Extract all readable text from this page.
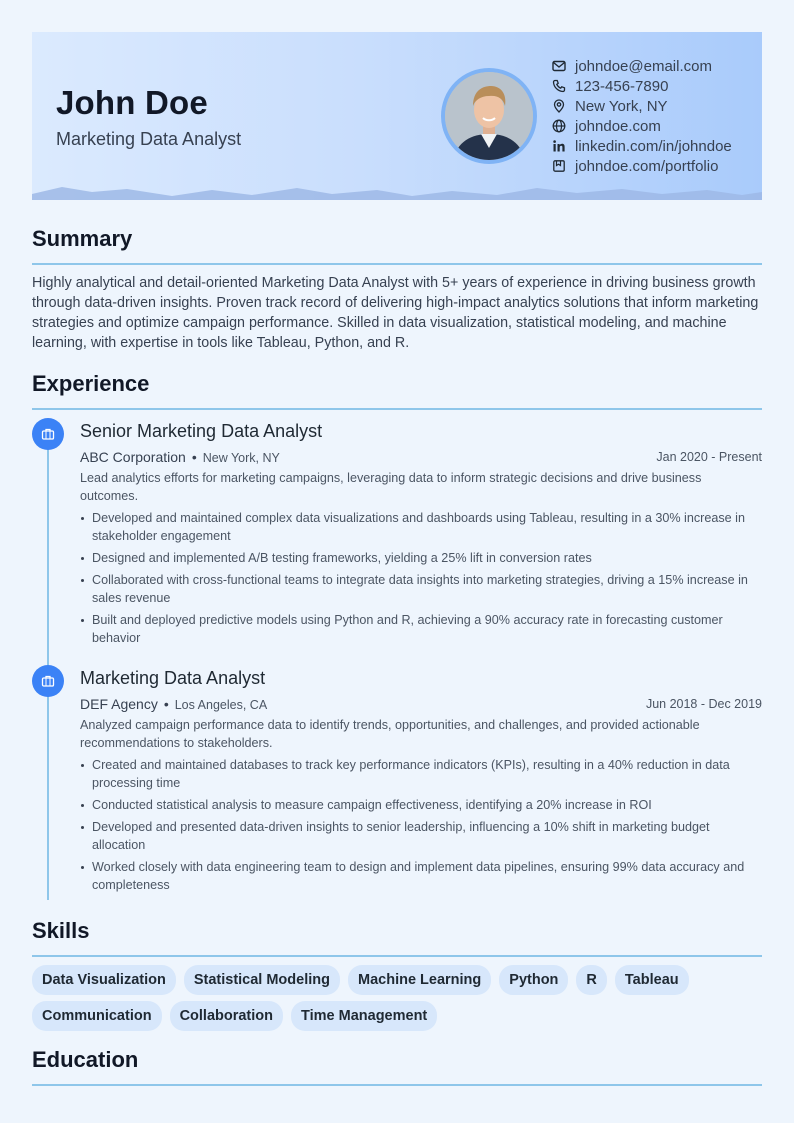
John Doe
Marketing Data Analyst
johndoe@email.com
123-456-7890
New York, NY
johndoe.com
linkedin.com/in/johndoe
johndoe.com/portfolio
Summary

Highly analytical and detail-oriented Marketing Data Analyst with 5+ years of experience in driving business growth through data-driven insights. Proven track record of delivering high-impact analytics solutions that inform marketing strategies and optimize campaign performance. Skilled in data visualization, statistical modeling, and machine learning, with expertise in tools like Tableau, Python, and R.

Experience
Senior Marketing Data Analyst
ABC Corporation • New York, NY	Jan 2020 - Present
Lead analytics efforts for marketing campaigns, leveraging data to inform strategic decisions and drive business outcomes.
Developed and maintained complex data visualizations and dashboards using Tableau, resulting in a 30% increase in stakeholder engagement
Designed and implemented A/B testing frameworks, yielding a 25% lift in conversion rates
Collaborated with cross-functional teams to integrate data insights into marketing strategies, driving a 15% increase in sales revenue
Built and deployed predictive models using Python and R, achieving a 90% accuracy rate in forecasting customer behavior
Marketing Data Analyst
DEF Agency • Los Angeles, CA	Jun 2018 - Dec 2019
Analyzed campaign performance data to identify trends, opportunities, and challenges, and provided actionable recommendations to stakeholders.
Created and maintained databases to track key performance indicators (KPIs), resulting in a 40% reduction in data processing time
Conducted statistical analysis to measure campaign effectiveness, identifying a 20% increase in ROI
Developed and presented data-driven insights to senior leadership, influencing a 10% shift in marketing budget allocation
Worked closely with data engineering team to design and implement data pipelines, ensuring 99% data accuracy and completeness
Skills
Data Visualization	Statistical Modeling	Machine Learning	Python	R	Tableau
Communication	Collaboration	Time Management
Education
